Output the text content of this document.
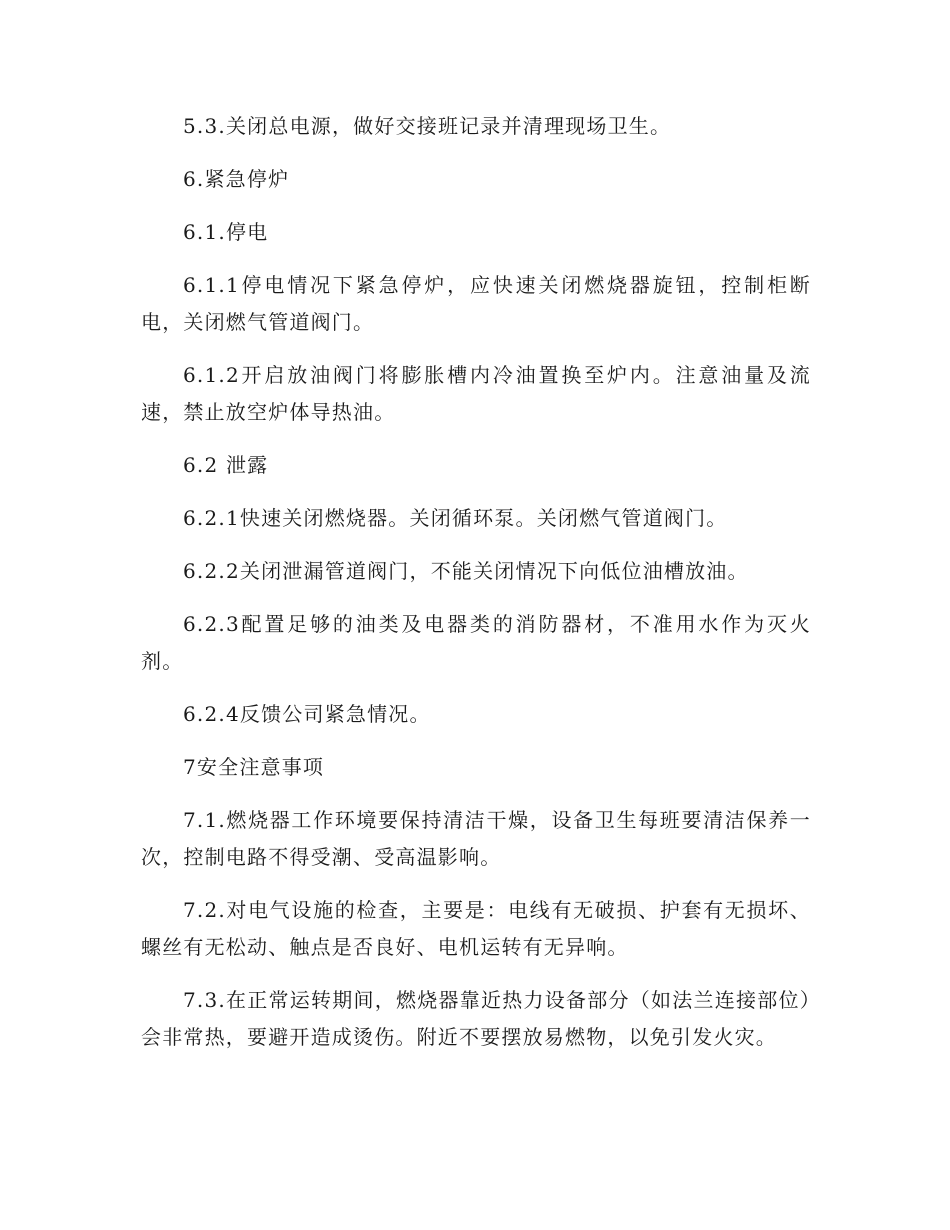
5.3.关闭总电源，做好交接班记录并清理现场卫生。

6.紧急停炉

6.1.停电

6.1.1停电情况下紧急停炉，应快速关闭燃烧器旋钮，控制柜断电，关闭燃气管道阀门。

6.1.2开启放油阀门将膨胀槽内冷油置换至炉内。注意油量及流速，禁止放空炉体导热油。

6.2 泄露

6.2.1快速关闭燃烧器。关闭循环泵。关闭燃气管道阀门。

6.2.2关闭泄漏管道阀门，不能关闭情况下向低位油槽放油。

6.2.3配置足够的油类及电器类的消防器材，不准用水作为灭火剂。

6.2.4反馈公司紧急情况。

7安全注意事项

7.1.燃烧器工作环境要保持清洁干燥，设备卫生每班要清洁保养一次，控制电路不得受潮、受高温影响。

7.2.对电气设施的检查，主要是：电线有无破损、护套有无损坏、螺丝有无松动、触点是否良好、电机运转有无异响。

7.3.在正常运转期间，燃烧器靠近热力设备部分（如法兰连接部位）会非常热，要避开造成烫伤。附近不要摆放易燃物，以免引发火灾。
